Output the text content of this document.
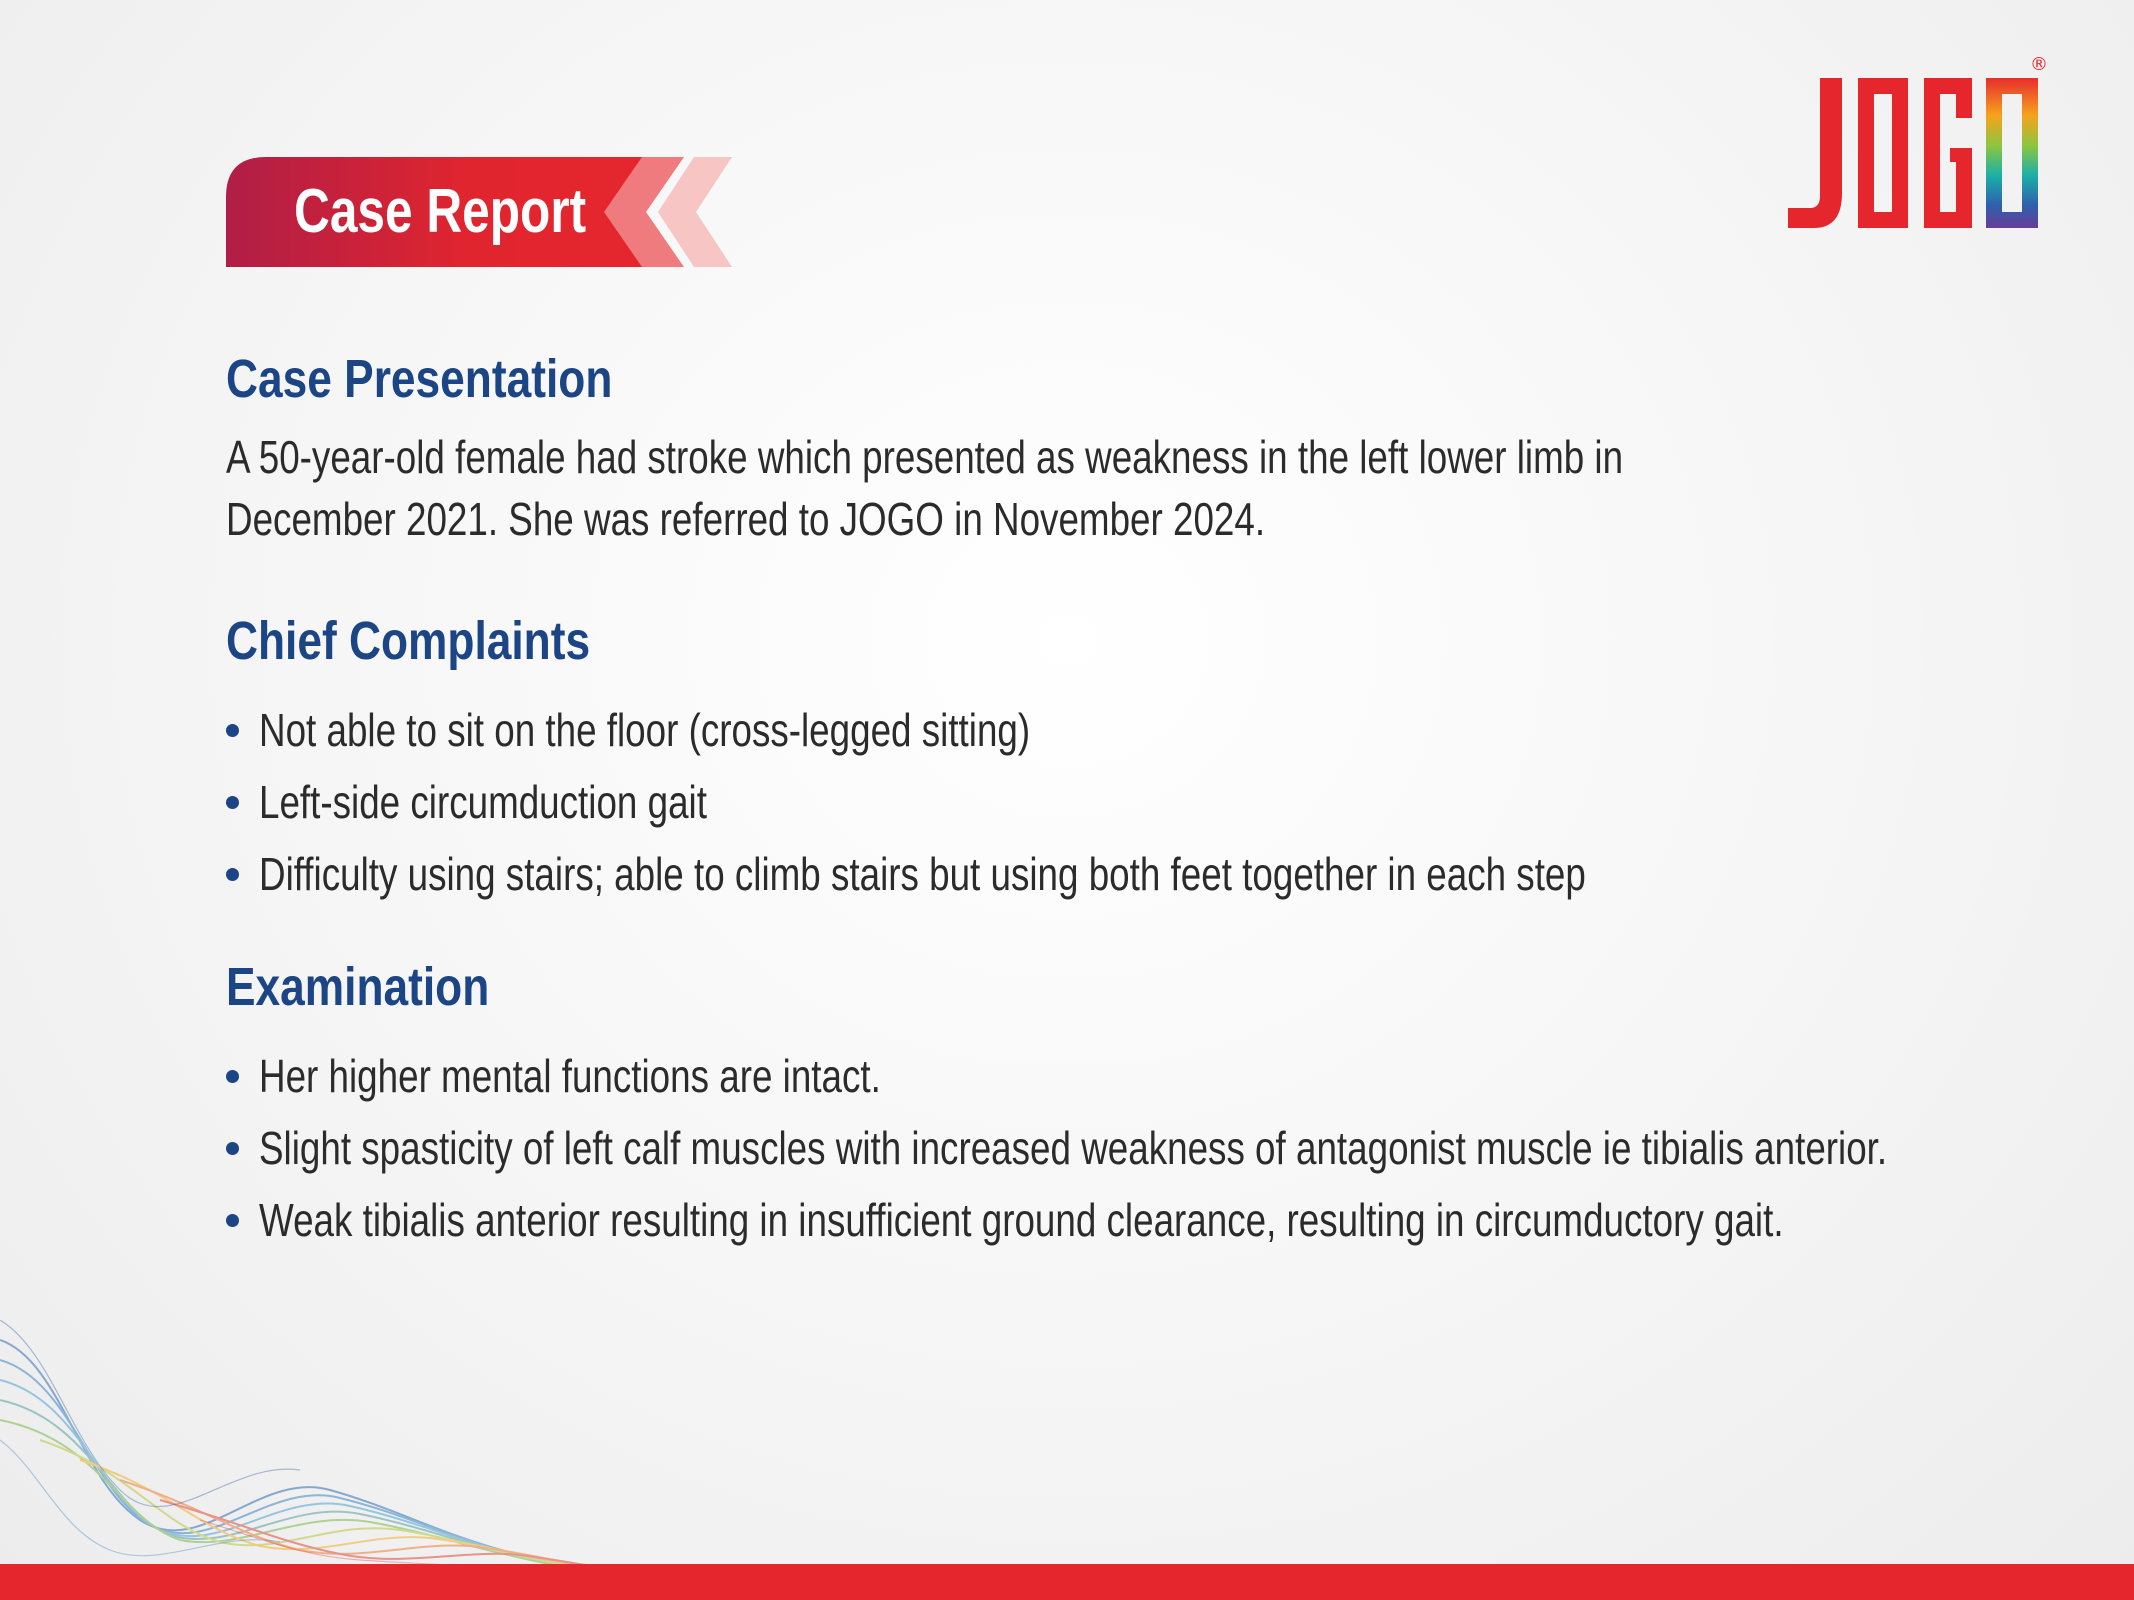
Case Report
®
Case Presentation
A 50-year-old female had stroke which presented as weakness in the left lower limb in
December 2021. She was referred to JOGO in November 2024.
Chief Complaints
Not able to sit on the floor (cross-legged sitting)
Left-side circumduction gait
Difficulty using stairs; able to climb stairs but using both feet together in each step
Examination
Her higher mental functions are intact.
Slight spasticity of left calf muscles with increased weakness of antagonist muscle ie tibialis anterior.
Weak tibialis anterior resulting in insufficient ground clearance, resulting in circumductory gait.
